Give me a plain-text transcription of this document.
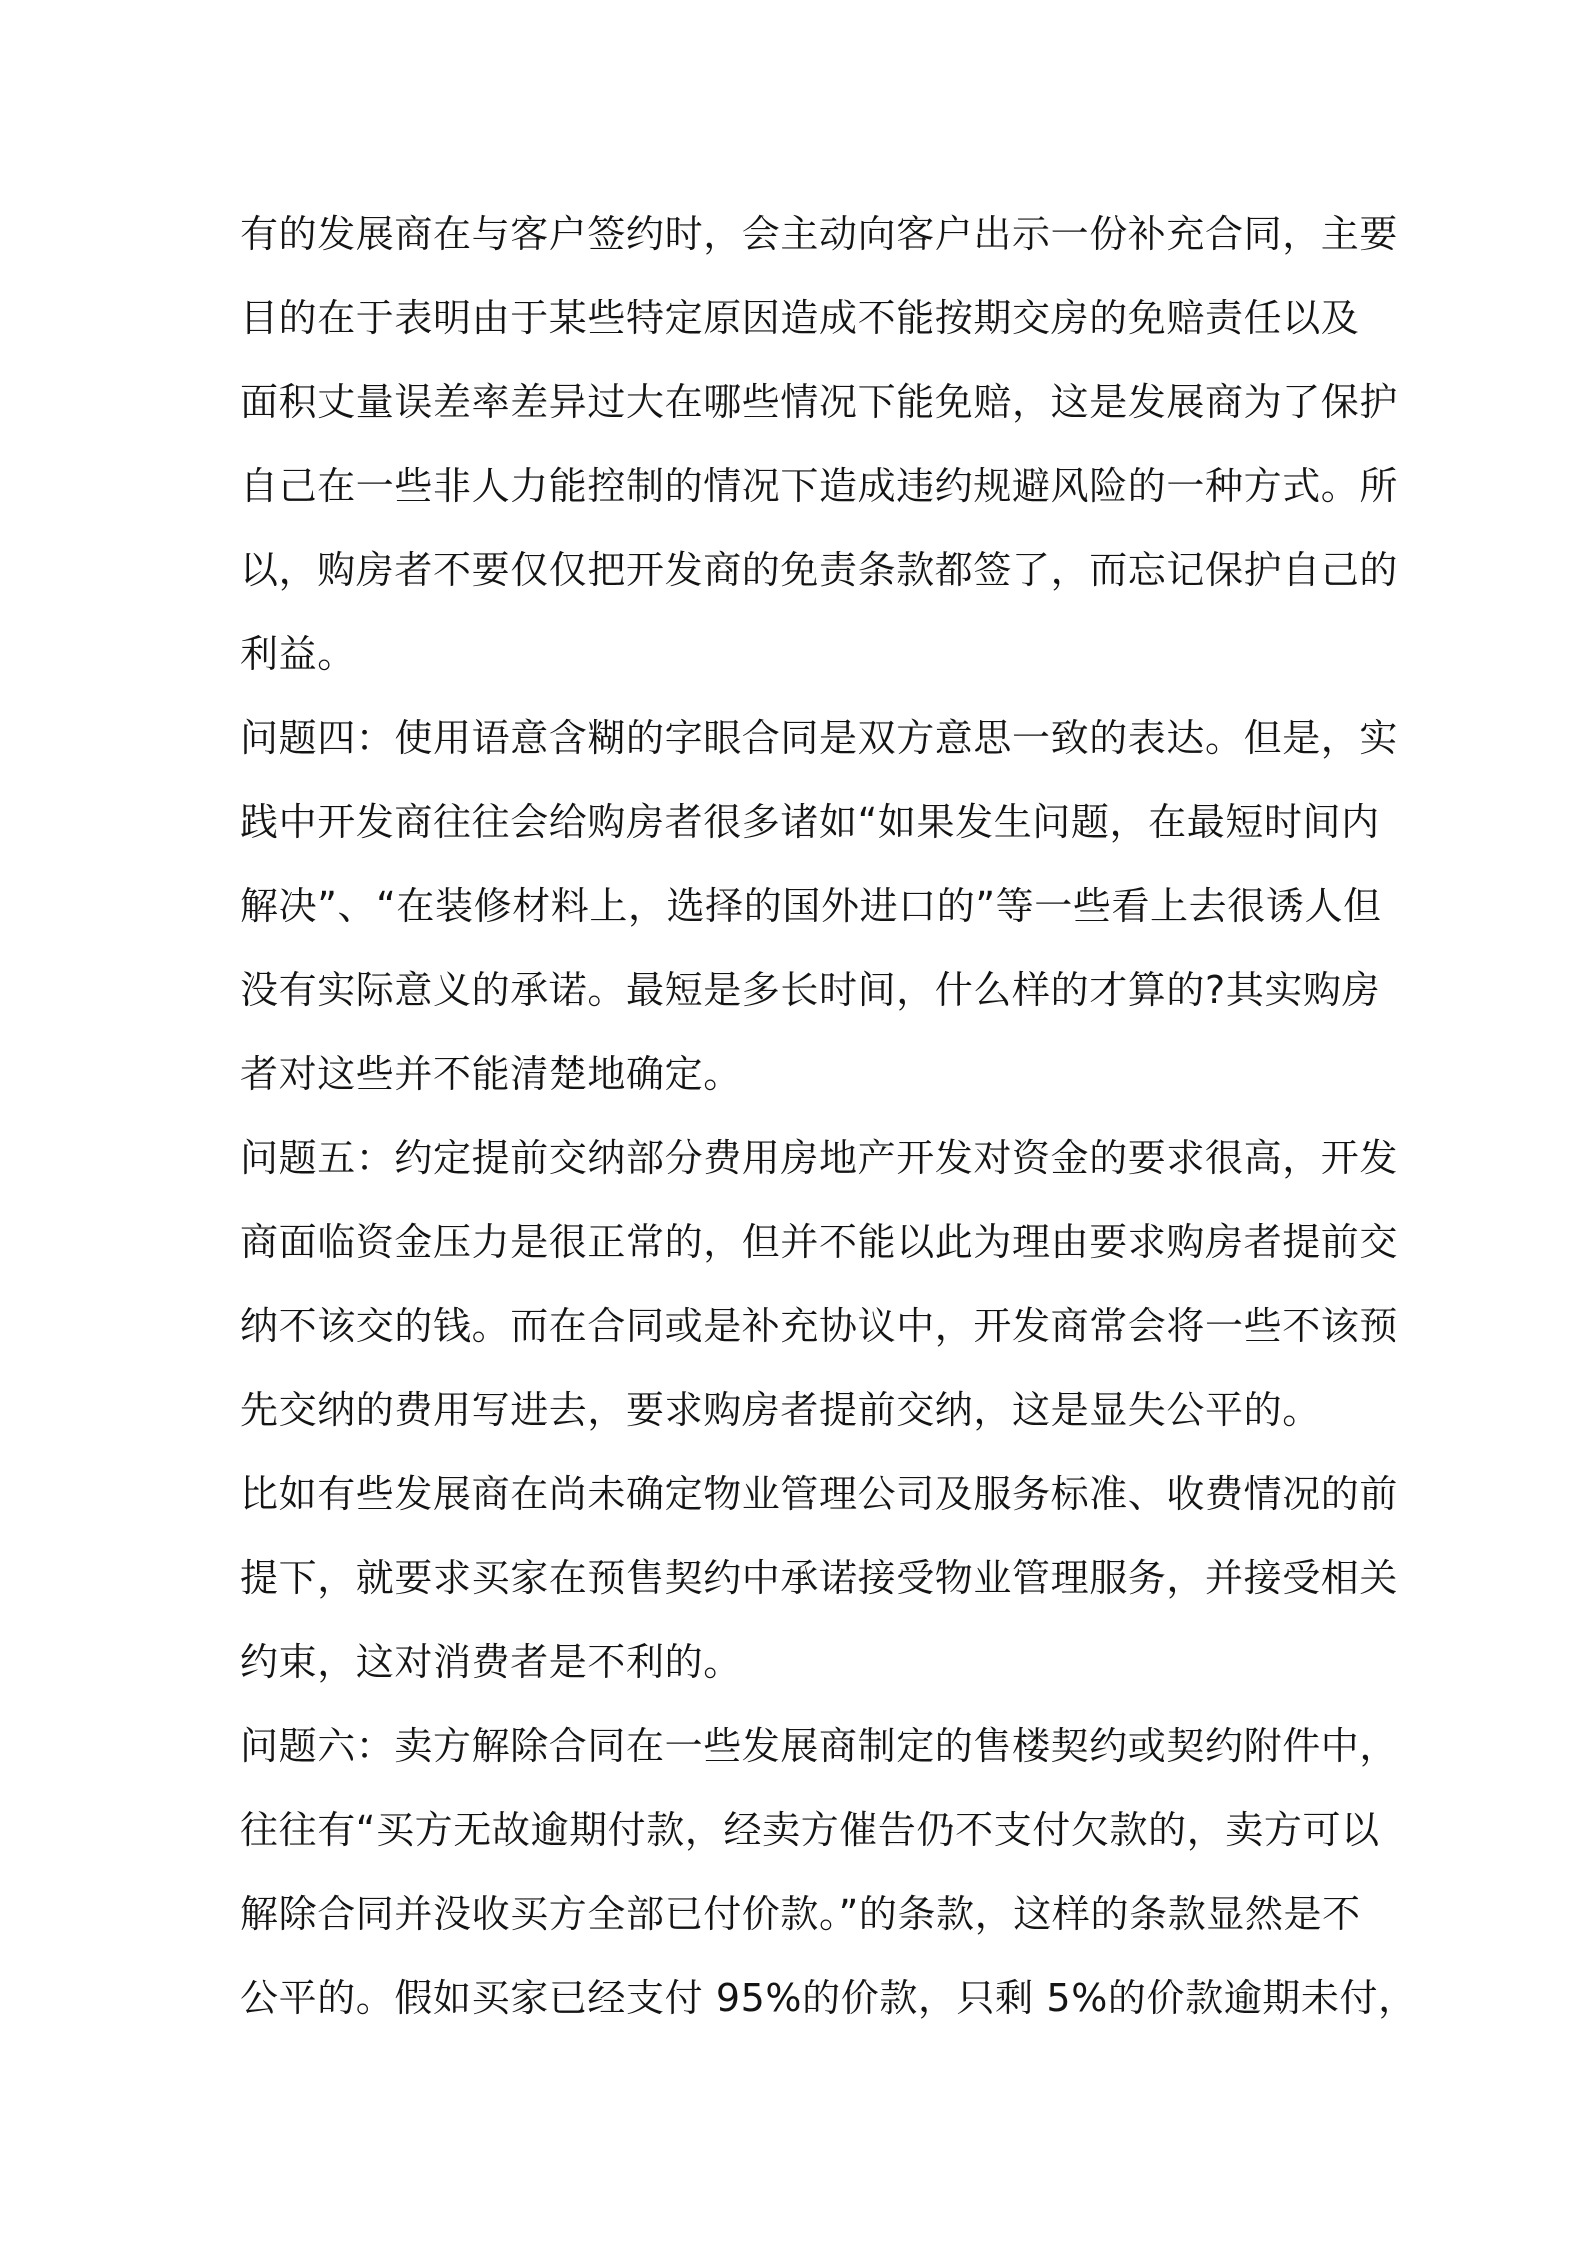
有的发展商在与客户签约时，会主动向客户出示一份补充合同，主要
目的在于表明由于某些特定原因造成不能按期交房的免赔责任以及
面积丈量误差率差异过大在哪些情况下能免赔，这是发展商为了保护
自己在一些非人力能控制的情况下造成违约规避风险的一种方式。所
以，购房者不要仅仅把开发商的免责条款都签了，而忘记保护自己的
利益。
问题四：使用语意含糊的字眼合同是双方意思一致的表达。但是，实
践中开发商往往会给购房者很多诸如“如果发生问题，在最短时间内
解决”、“在装修材料上，选择的国外进口的”等一些看上去很诱人但
没有实际意义的承诺。最短是多长时间，什么样的才算的?其实购房
者对这些并不能清楚地确定。
问题五：约定提前交纳部分费用房地产开发对资金的要求很高，开发
商面临资金压力是很正常的，但并不能以此为理由要求购房者提前交
纳不该交的钱。而在合同或是补充协议中，开发商常会将一些不该预
先交纳的费用写进去，要求购房者提前交纳，这是显失公平的。
比如有些发展商在尚未确定物业管理公司及服务标准、收费情况的前
提下，就要求买家在预售契约中承诺接受物业管理服务，并接受相关
约束，这对消费者是不利的。
问题六：卖方解除合同在一些发展商制定的售楼契约或契约附件中，
往往有“买方无故逾期付款，经卖方催告仍不支付欠款的，卖方可以
解除合同并没收买方全部已付价款。”的条款，这样的条款显然是不
公平的。假如买家已经支付 95%的价款，只剩 5%的价款逾期未付，
